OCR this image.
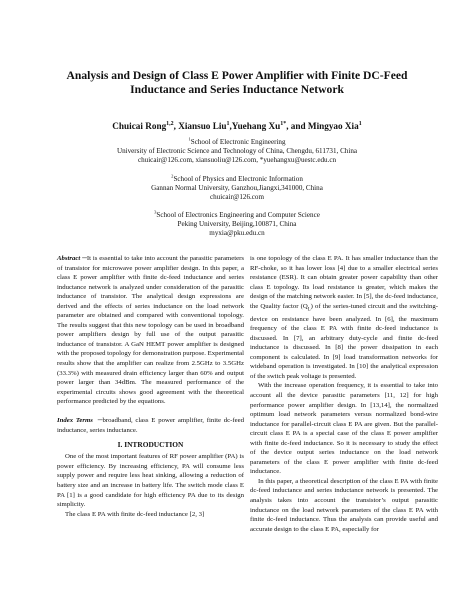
Analysis and Design of Class E Power Amplifier with Finite DC-Feed
Inductance and Series Inductance Network
Chuicai Rong$^{1,2}$, Xiansuo Liu$^1$,Yuehang $Xu^{1*}$, and Mingyao Xia$^1$
$^1$School of Electronic Engineering
University of Electronic Science and Technology of China, Chengdu, 611731, China
chuicair@126.com, xiansuoliu@126.com, *yuehangxu@uestc.edu.cn
$^2$School of Physics and Electronic Information
Gannan Normal University, Ganzhou,Jiangxi,341000, China
chuicair@126.com
$^3$School of Electronics Engineering and Computer Science
Peking University, Beijing,100871, China
myxia@pku.edu.cn

Abstract ─It is essential to take into account the parasitic parameters of transistor for microwave power amplifier design. In this paper, a class E power amplifier with finite dc-feed inductance and series inductance network is analyzed under consideration of the parasitic inductance of transistor. The analytical design expressions are derived and the effects of series inductance on the load network parameter are obtained and compared with conventional topology. The results suggest that this new topology can be used in broadband power amplifiers design by full use of the output parasitic inductance of transistor. A GaN HEMT power amplifier is designed with the proposed topology for demonstration purpose. Experimental results show that the amplifier can realize from 2.5GHz to 3.5GHz (33.3%) with measured drain efficiency larger than 60% and output power larger than 34dBm. The measured performance of the experimental circuits shows good agreement with the theoretical performance predicted by the equations.

Index Terms ─broadband, class E power amplifier, finite dc-feed inductance, series inductance.

I. INTRODUCTION

One of the most important features of RF power amplifier (PA) is power efficiency. By increasing efficiency, PA will consume less supply power and require less heat sinking, allowing a reduction of battery size and an increase in battery life. The switch mode class E PA [1] is a good candidate for high efficiency PA due to its design simplicity.

The class E PA with finite dc-feed inductance [2, 3]

is one topology of the class E PA. It has smaller inductance than the RF-choke, so it has lower loss [4] due to a smaller electrical series resistance (ESR). It can obtain greater power capability than other class E topology. Its load resistance is greater, which makes the design of the matching network easier. In [5], the dc-feed inductance, the Quality factor $(Q_L)$ of the series-tuned circuit and the switching-device on resistance have been analyzed. In [6], the maximum frequency of the class E PA with finite dc-feed inductance is discussed. In [7], an arbitrary duty-cycle and finite dc-feed inductance is discussed. In [8] the power dissipation in each component is calculated. In [9] load transformation networks for wideband operation is investigated. In [10] the analytical expression of the switch peak voltage is presented.

With the increase operation frequency, it is essential to take into account all the device parasitic parameters [11, 12] for high performance power amplifier design. In [13,14], the normalized optimum load network parameters versus normalized bond-wire inductance for parallel-circuit class E PA are given. But the parallel-circuit class E PA is a special case of the class E power amplifier with finite dc-feed inductance. So it is necessary to study the effect of the device output series inductance on the load network parameters of the class E power amplifier with finite dc-feed inductance.

In this paper, a theoretical description of the class E PA with finite dc-feed inductance and series inductance network is presented. The analysis takes into account the transistor’s output parasitic inductance on the load network parameters of the class E PA with finite dc-feed inductance. Thus the analysis can provide useful and accurate design to the class E PA, especially for
